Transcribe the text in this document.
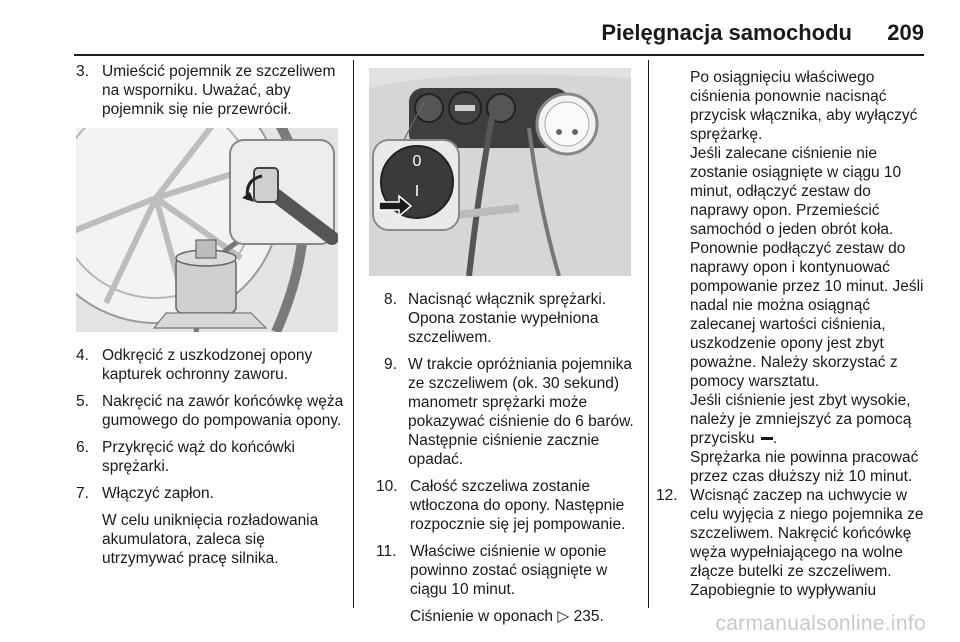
Pielęgnacja samochodu 209
3. Umieścić pojemnik ze szczeliwem na wsporniku. Uważać, aby pojemnik się nie przewrócił.

4. Odkręcić z uszkodzonej opony kapturek ochronny zaworu.

5. Nakręcić na zawór końcówkę węża gumowego do pompowania opony.

6. Przykręcić wąż do końcówki sprężarki.

7. Włączyć zapłon.

W celu uniknięcia rozładowania akumulatora, zaleca się utrzymywać pracę silnika.

0
I
8. Nacisnąć włącznik sprężarki. Opona zostanie wypełniona szczeliwem.

9. W trakcie opróżniania pojemnika ze szczeliwem (ok. 30 sekund) manometr sprężarki może pokazywać ciśnienie do 6 barów. Następnie ciśnienie zacznie opadać.

10. Całość szczeliwa zostanie wtłoczona do opony. Następnie rozpocznie się jej pompowanie.

11. Właściwe ciśnienie w oponie powinno zostać osiągnięte w ciągu 10 minut.

Ciśnienie w oponach ▷ 235.

Po osiągnięciu właściwego ciśnienia ponownie nacisnąć przycisk włącznika, aby wyłączyć sprężarkę.

Jeśli zalecane ciśnienie nie zostanie osiągnięte w ciągu 10 minut, odłączyć zestaw do naprawy opon. Przemieścić samochód o jeden obrót koła. Ponownie podłączyć zestaw do naprawy opon i kontynuować pompowanie przez 10 minut. Jeśli nadal nie można osiągnąć zalecanej wartości ciśnienia, uszkodzenie opony jest zbyt poważne. Należy skorzystać z pomocy warsztatu.

Jeśli ciśnienie jest zbyt wysokie, należy je zmniejszyć za pomocą przycisku .

Sprężarka nie powinna pracować przez czas dłuższy niż 10 minut.

12. Wcisnąć zaczep na uchwycie w celu wyjęcia z niego pojemnika ze szczeliwem. Nakręcić końcówkę węża wypełniającego na wolne złącze butelki ze szczeliwem. Zapobiegnie to wypływaniu

carmanualsonline.info
